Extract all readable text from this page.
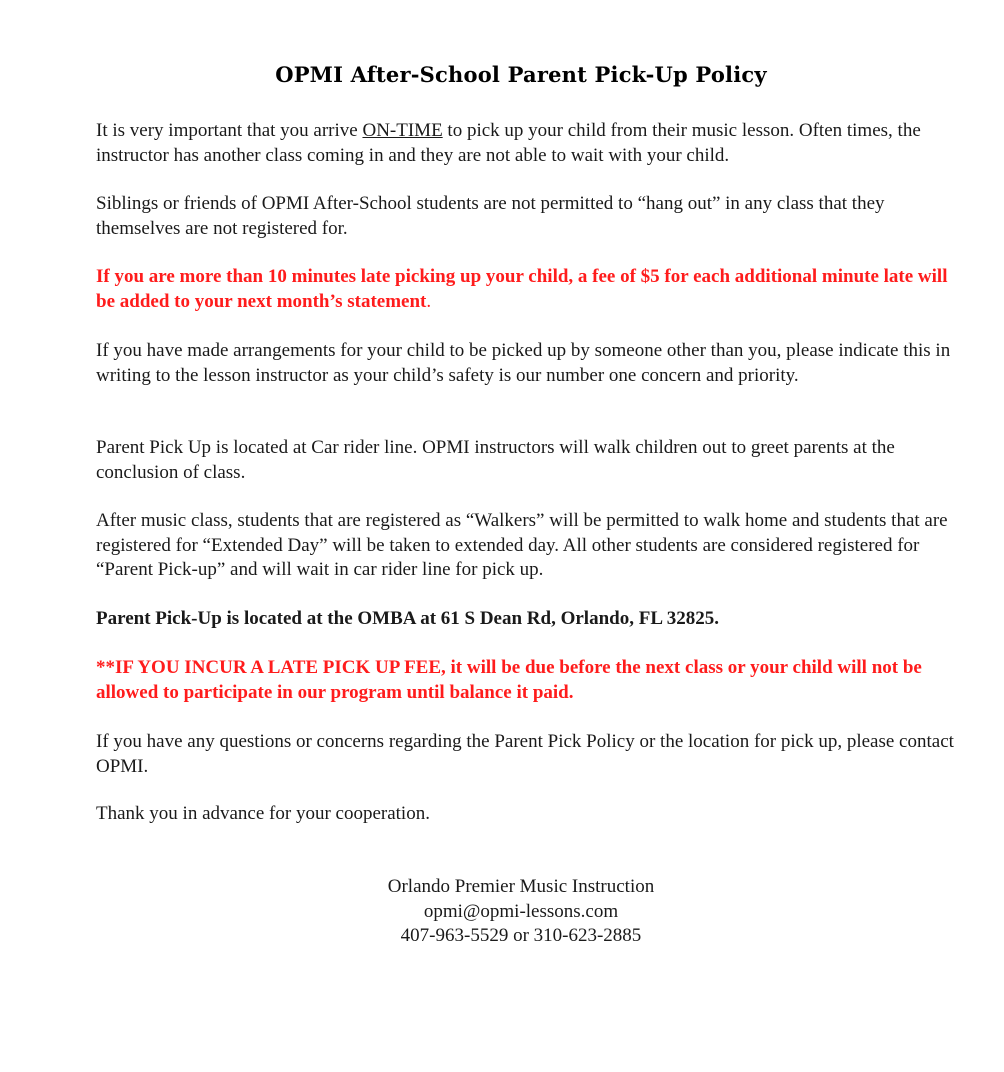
OPMI After-School Parent Pick-Up Policy

It is very important that you arrive ON-TIME to pick up your child from their music lesson. Often times, the instructor has another class coming in and they are not able to wait with your child.

Siblings or friends of OPMI After-School students are not permitted to “hang out” in any class that they themselves are not registered for.

If you are more than 10 minutes late picking up your child, a fee of $5 for each additional minute late will be added to your next month’s statement.

If you have made arrangements for your child to be picked up by someone other than you, please indicate this in writing to the lesson instructor as your child’s safety is our number one concern and priority.

Parent Pick Up is located at Car rider line. OPMI instructors will walk children out to greet parents at the conclusion of class.

After music class, students that are registered as “Walkers” will be permitted to walk home and students that are registered for “Extended Day” will be taken to extended day. All other students are considered registered for “Parent Pick-up” and will wait in car rider line for pick up.

Parent Pick-Up is located at the OMBA at 61 S Dean Rd, Orlando, FL 32825.

**IF YOU INCUR A LATE PICK UP FEE, it will be due before the next class or your child will not be allowed to participate in our program until balance it paid.

If you have any questions or concerns regarding the Parent Pick Policy or the location for pick up, please contact OPMI.

Thank you in advance for your cooperation.

Orlando Premier Music Instruction
opmi@opmi-lessons.com
407-963-5529 or 310-623-2885
